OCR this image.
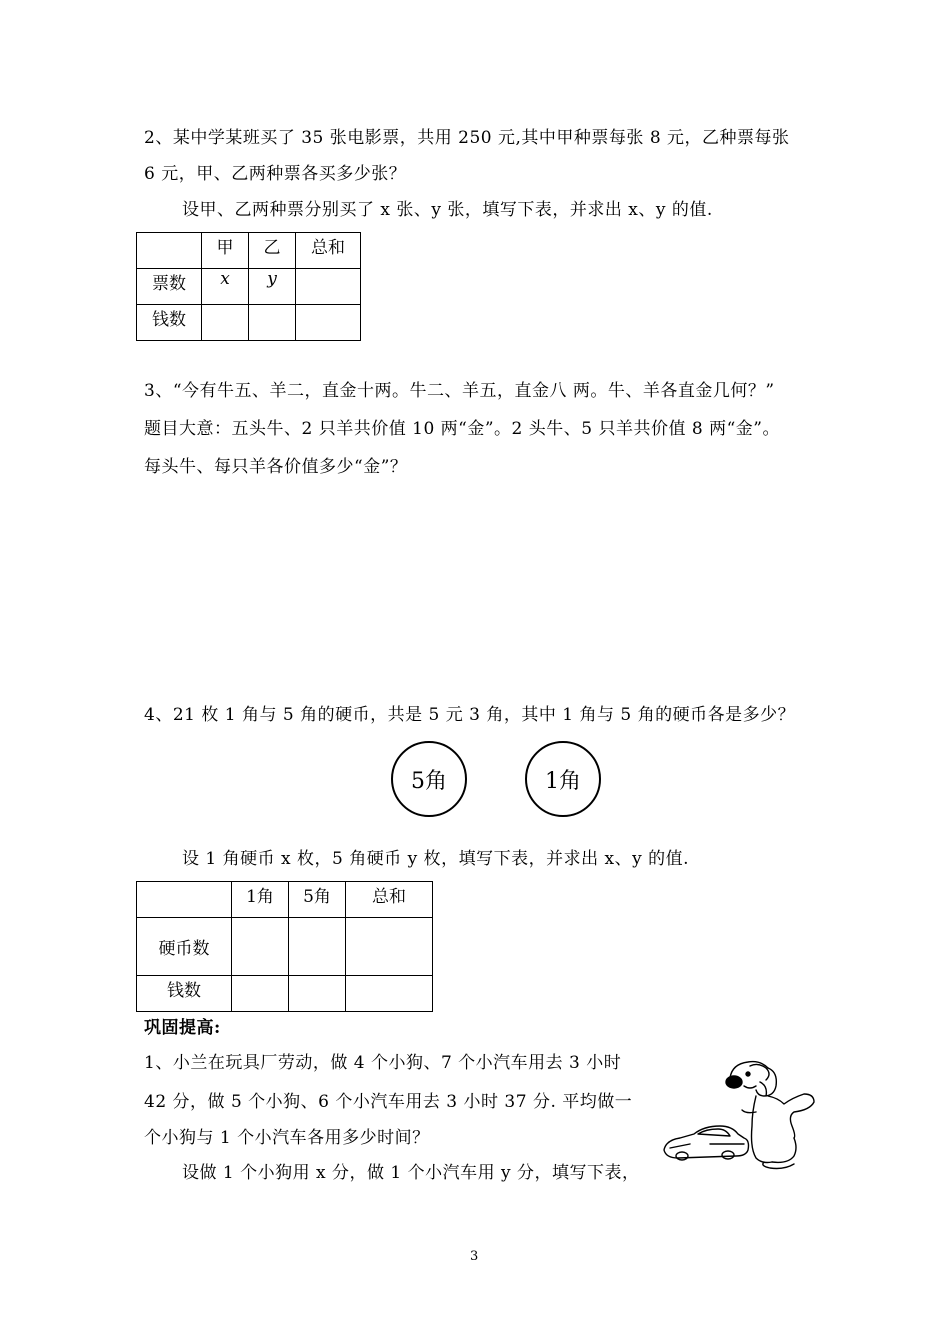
2、某中学某班买了 35 张电影票，共用 250 元,其中甲种票每张 8 元，乙种票每张
6 元，甲、乙两种票各买多少张？
设甲、乙两种票分别买了 x 张、y 张，填写下表，并求出 x、y 的值.
	甲	乙	总和
票数	x	y	
钱数			
3、“今有牛五、羊二，直金十两。牛二、羊五，直金八 两。牛、羊各直金几何？”
题目大意：五头牛、2 只羊共价值 10 两“金”。2 头牛、5 只羊共价值 8 两“金”。
每头牛、每只羊各价值多少“金”？
4、21 枚 1 角与 5 角的硬币，共是 5 元 3 角，其中 1 角与 5 角的硬币各是多少？
5角	1角
设 1 角硬币 x 枚，5 角硬币 y 枚，填写下表，并求出 x、y 的值.
	1角	5角	总和
硬币数			
钱数			
巩固提高:
1、小兰在玩具厂劳动，做 4 个小狗、7 个小汽车用去 3 小时
42 分，做 5 个小狗、6 个小汽车用去 3 小时 37 分. 平均做一
个小狗与 1 个小汽车各用多少时间？
设做 1 个小狗用 x 分，做 1 个小汽车用 y 分，填写下表，
3
